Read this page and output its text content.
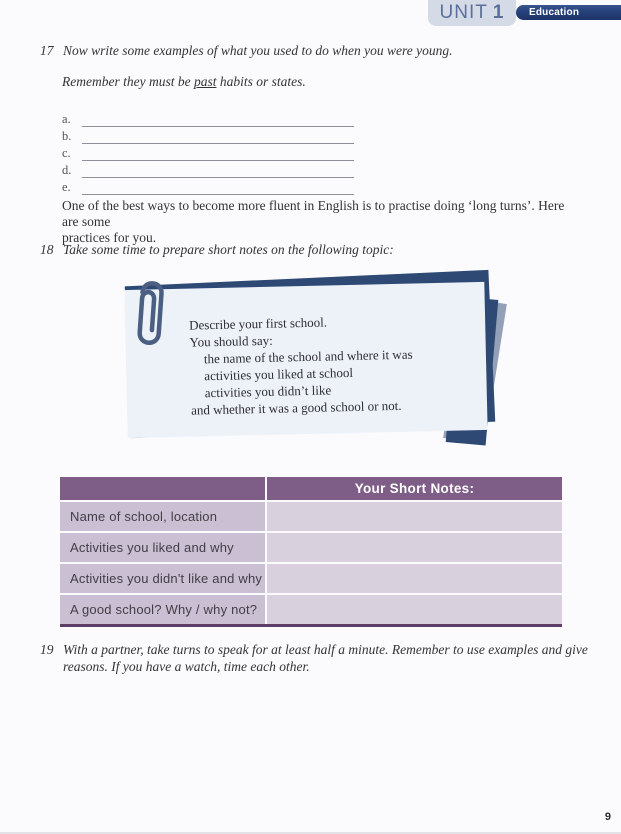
UNIT 1 Education
17 Now write some examples of what you used to do when you were young.
Remember they must be past habits or states.
a.
b.
c.
d.
e.
One of the best ways to become more fluent in English is to practise doing ‘long turns’. Here are some
practices for you.
18 Take some time to prepare short notes on the following topic:
Describe your first school.
You should say:
the name of the school and where it was
activities you liked at school
activities you didn’t like
and whether it was a good school or not.
Your Short Notes:
Name of school, location
Activities you liked and why
Activities you didn't like and why
A good school? Why / why not?
19 With a partner, take turns to speak for at least half a minute. Remember to use examples and give
reasons. If you have a watch, time each other.
9
